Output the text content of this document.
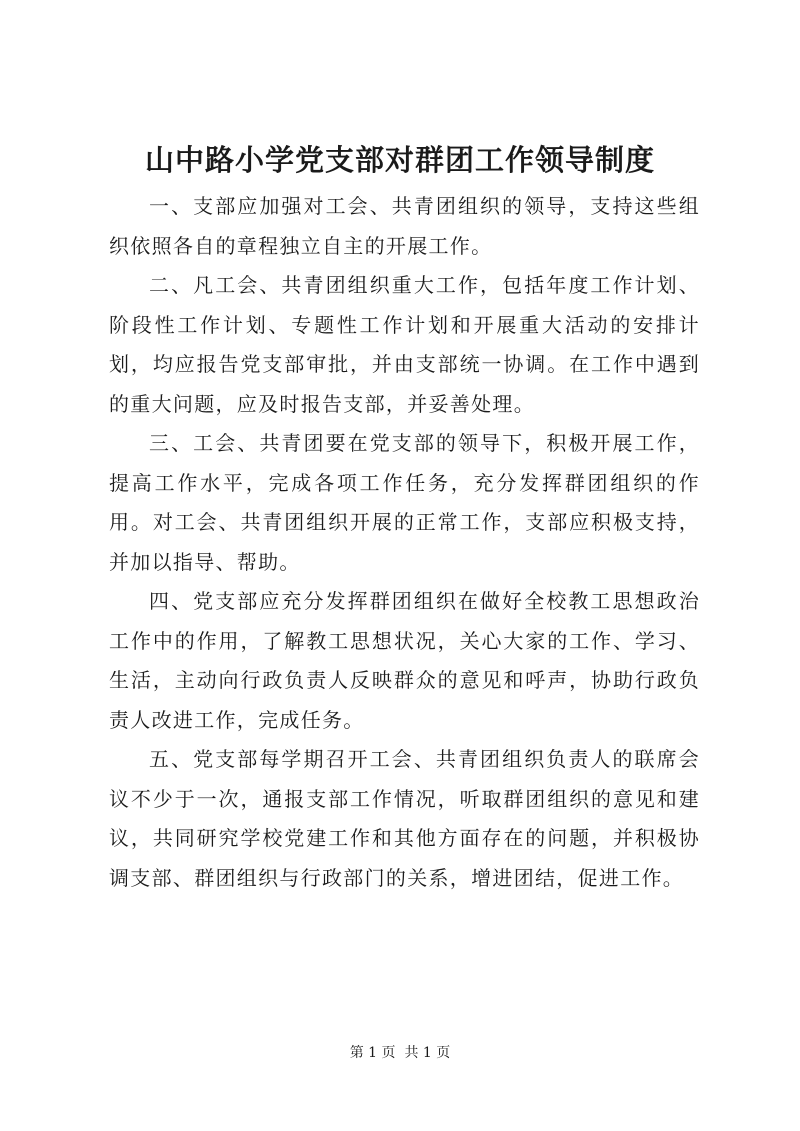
山中路小学党支部对群团工作领导制度

一、支部应加强对工会、共青团组织的领导，支持这些组织依照各自的章程独立自主的开展工作。

二、凡工会、共青团组织重大工作，包括年度工作计划、阶段性工作计划、专题性工作计划和开展重大活动的安排计划，均应报告党支部审批，并由支部统一协调。在工作中遇到的重大问题，应及时报告支部，并妥善处理。

三、工会、共青团要在党支部的领导下，积极开展工作，提高工作水平，完成各项工作任务，充分发挥群团组织的作用。对工会、共青团组织开展的正常工作，支部应积极支持，并加以指导、帮助。

四、党支部应充分发挥群团组织在做好全校教工思想政治工作中的作用，了解教工思想状况，关心大家的工作、学习、生活，主动向行政负责人反映群众的意见和呼声，协助行政负责人改进工作，完成任务。

五、党支部每学期召开工会、共青团组织负责人的联席会议不少于一次，通报支部工作情况，听取群团组织的意见和建议，共同研究学校党建工作和其他方面存在的问题，并积极协调支部、群团组织与行政部门的关系，增进团结，促进工作。

第 1 页  共 1 页
